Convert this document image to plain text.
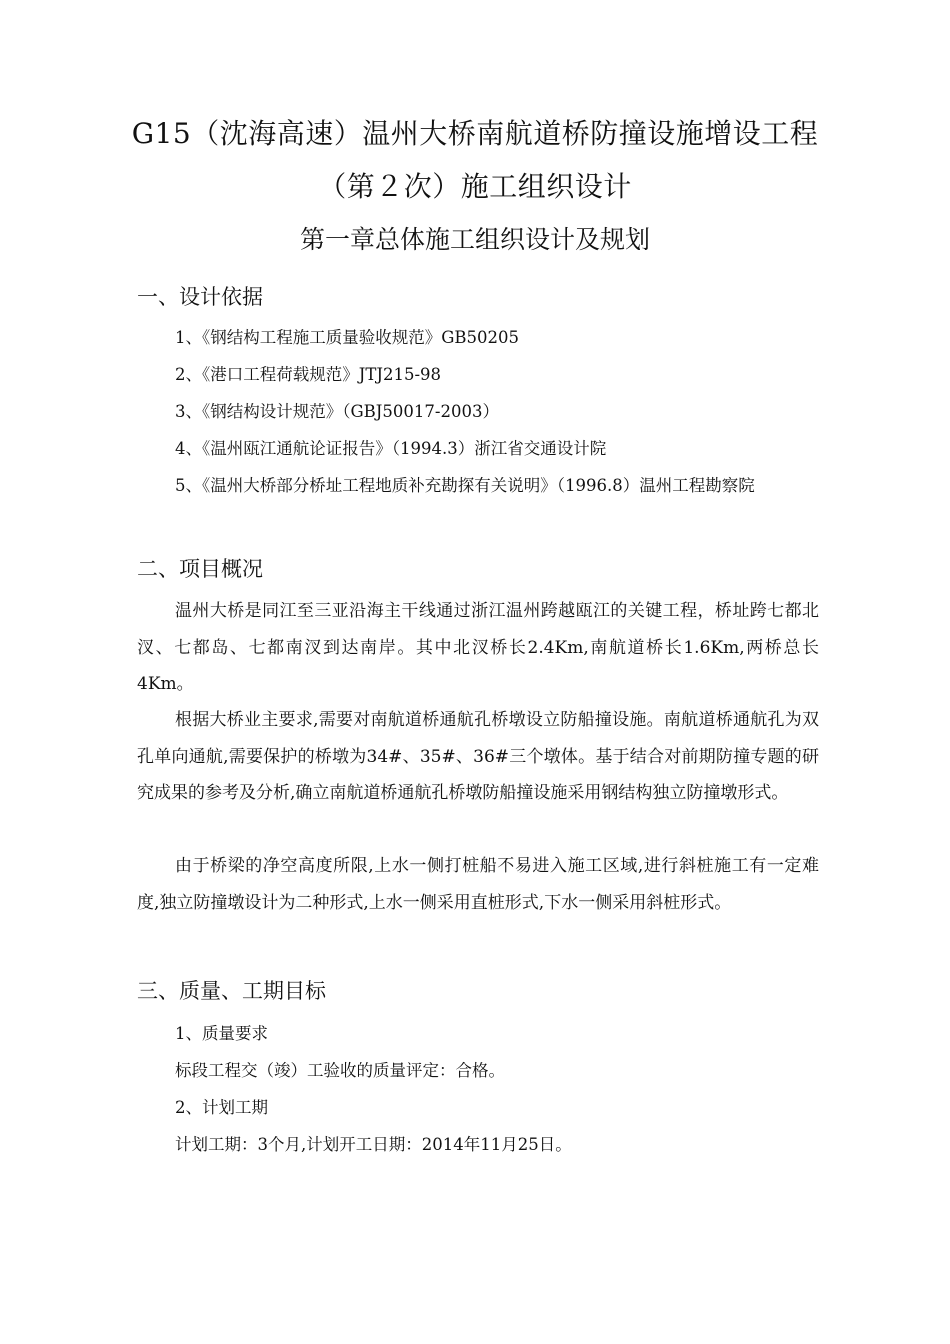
G15（沈海高速）温州大桥南航道桥防撞设施增设工程
（第２次）施工组织设计
第一章总体施工组织设计及规划
一、设计依据
1、《钢结构工程施工质量验收规范》GB50205
2、《港口工程荷载规范》JTJ215-98
3、《钢结构设计规范》（GBJ50017-2003）
4、《温州瓯江通航论证报告》（1994.3）浙江省交通设计院

5、《温州大桥部分桥址工程地质补充勘探有关说明》（1996.8）温州工程勘察院

二、项目概况

温州大桥是同江至三亚沿海主干线通过浙江温州跨越瓯江的关键工程，桥址跨七都北汊、七都岛、七都南汊到达南岸。其中北汊桥长2.4Km,南航道桥长1.6Km,两桥总长4Km。

根据大桥业主要求,需要对南航道桥通航孔桥墩设立防船撞设施。南航道桥通航孔为双孔单向通航,需要保护的桥墩为34#、35#、36#三个墩体。基于结合对前期防撞专题的研究成果的参考及分析,确立南航道桥通航孔桥墩防船撞设施采用钢结构独立防撞墩形式。

由于桥梁的净空高度所限,上水一侧打桩船不易进入施工区域,进行斜桩施工有一定难度,独立防撞墩设计为二种形式,上水一侧采用直桩形式,下水一侧采用斜桩形式。

三、质量、工期目标
1、质量要求
标段工程交（竣）工验收的质量评定：合格。
2、计划工期
计划工期：3个月,计划开工日期：2014年11月25日。
